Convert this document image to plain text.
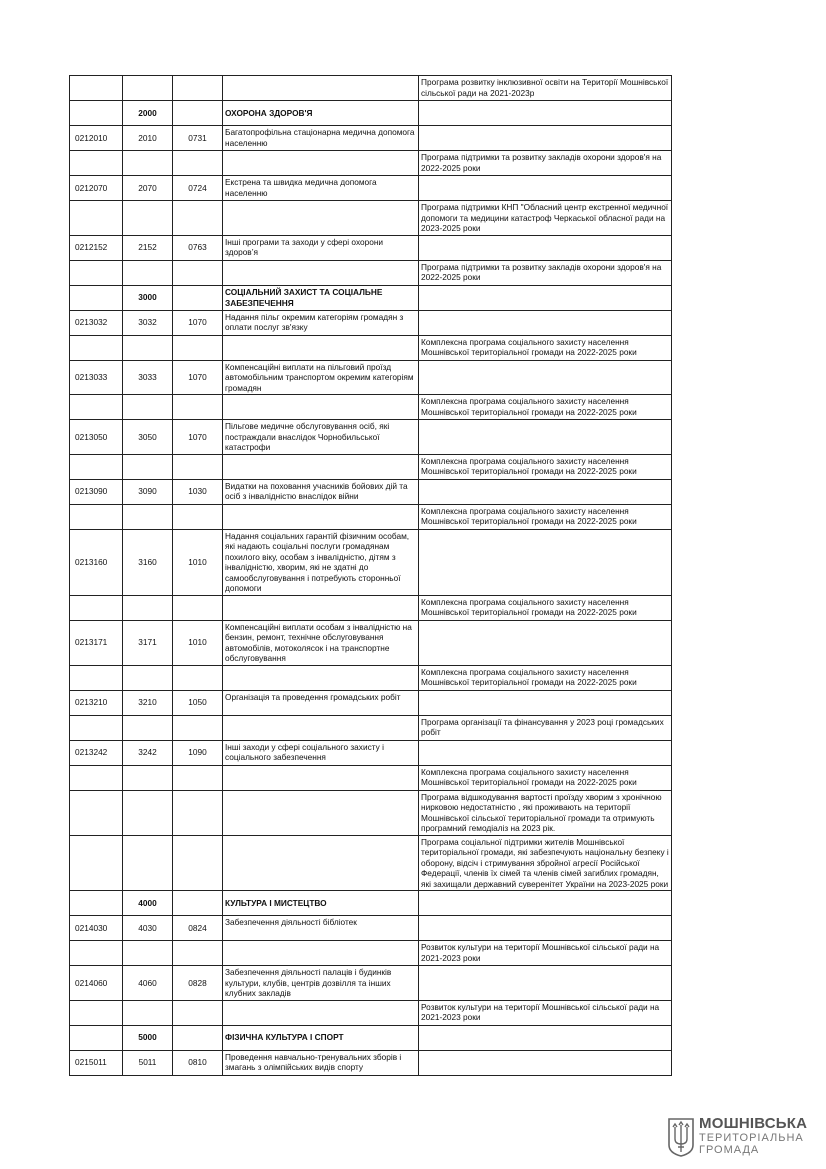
				Програма розвитку інклюзивної освіти на Території Мошнівської сільської ради на 2021-2023р
	2000		ОХОРОНА ЗДОРОВ'Я	
0212010	2010	0731	Багатопрофільна стаціонарна медична допомога населенню	
				Програма підтримки та розвитку закладів охорони здоров'я на 2022-2025 роки
0212070	2070	0724	Екстрена та швидка медична допомога населенню	
				Програма підтримки КНП "Обласний центр екстренної медичної допомоги та медицини катастроф Черкаської обласної ради на 2023-2025 роки
0212152	2152	0763	Інші програми та заходи у сфері охорони здоров’я	
				Програма підтримки та розвитку закладів охорони здоров'я на 2022-2025 роки
	3000		СОЦІАЛЬНИЙ ЗАХИСТ ТА СОЦІАЛЬНЕ ЗАБЕЗПЕЧЕННЯ	
0213032	3032	1070	Надання пільг окремим категоріям громадян з оплати послуг зв'язку	
				Комплексна програма соціального захисту населення Мошнівської територіальної громади на 2022-2025 роки
0213033	3033	1070	Компенсаційні виплати на пільговий проїзд автомобільним транспортом окремим категоріям громадян	
				Комплексна програма соціального захисту населення Мошнівської територіальної громади на 2022-2025 роки
0213050	3050	1070	Пільгове медичне обслуговування осіб, які постраждали внаслідок Чорнобильської катастрофи	
				Комплексна програма соціального захисту населення Мошнівської територіальної громади на 2022-2025 роки
0213090	3090	1030	Видатки на поховання учасників бойових дій та осіб з інвалідністю внаслідок війни	
				Комплексна програма соціального захисту населення Мошнівської територіальної громади на 2022-2025 роки
0213160	3160	1010	Надання соціальних гарантій фізичним особам, які надають соціальні послуги громадянам похилого віку, особам з інвалідністю, дітям з інвалідністю, хворим, які не здатні до самообслуговування і потребують сторонньої допомоги	
				Комплексна програма соціального захисту населення Мошнівської територіальної громади на 2022-2025 роки
0213171	3171	1010	Компенсаційні виплати особам з інвалідністю на бензин, ремонт, технічне обслуговування автомобілів, мотоколясок і на транспортне обслуговування	
				Комплексна програма соціального захисту населення Мошнівської територіальної громади на 2022-2025 роки
0213210	3210	1050	Організація та проведення громадських робіт	
				Програма організації та фінансування у 2023 році громадських робіт
0213242	3242	1090	Інші заходи у сфері соціального захисту і соціального забезпечення	
				Комплексна програма соціального захисту населення Мошнівської територіальної громади на 2022-2025 роки
				Програма відшкодування вартості проїзду хворим з хронічною нирковою недостатністю , які проживають на території Мошнівської сільської територіальної громади та отримують програмний гемодіаліз на 2023 рік.
				Програма соціальної підтримки жителів Мошнівської територіальної громади, які забезпечують національну безпеку і оборону, відсіч і стримування збройної агресії Російської Федерації, членів їх сімей та членів сімей загиблих громадян, які захищали державний суверенітет України на 2023-2025 роки
	4000		КУЛЬТУРА І МИСТЕЦТВО	
0214030	4030	0824	Забезпечення діяльності бібліотек	
				Розвиток культури на території Мошнівської сільської ради на 2021-2023 роки
0214060	4060	0828	Забезпечення діяльності палаців i будинків культури, клубів, центрів дозвілля та iнших клубних закладів	
				Розвиток культури на території Мошнівської сільської ради на 2021-2023 роки
	5000		ФІЗИЧНА КУЛЬТУРА І СПОРТ	
0215011	5011	0810	Проведення навчально-тренувальних зборів і змагань з олімпійських видів спорту	
МОШНІВСЬКА
ТЕРИТОРІАЛЬНА
ГРОМАДА
